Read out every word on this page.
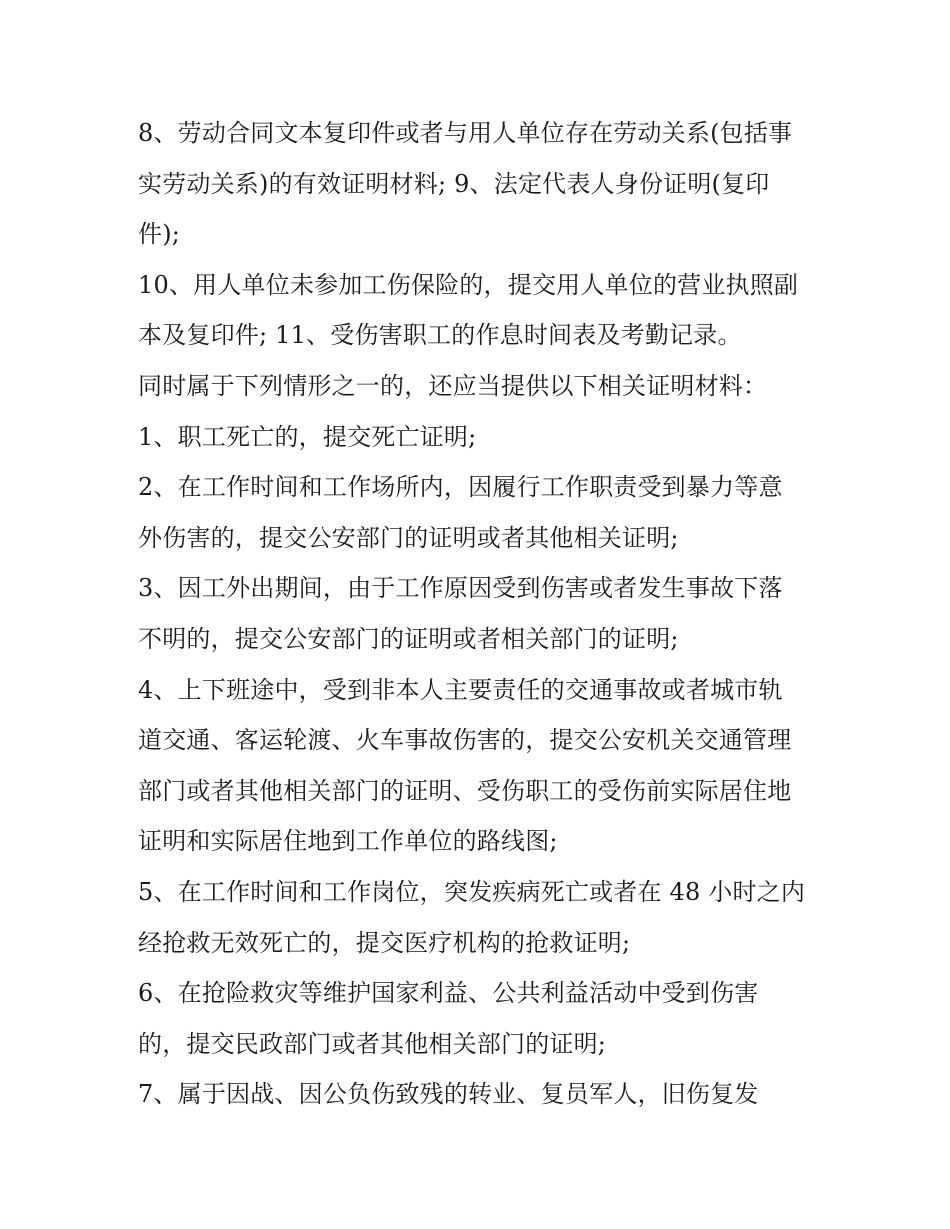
8、劳动合同文本复印件或者与用人单位存在劳动关系(包括事
实劳动关系)的有效证明材料; 9、法定代表人身份证明(复印
件);
10、用人单位未参加工伤保险的，提交用人单位的营业执照副
本及复印件; 11、受伤害职工的作息时间表及考勤记录。
同时属于下列情形之一的，还应当提供以下相关证明材料：
1、职工死亡的，提交死亡证明;
2、在工作时间和工作场所内，因履行工作职责受到暴力等意
外伤害的，提交公安部门的证明或者其他相关证明;
3、因工外出期间，由于工作原因受到伤害或者发生事故下落
不明的，提交公安部门的证明或者相关部门的证明;
4、上下班途中，受到非本人主要责任的交通事故或者城市轨
道交通、客运轮渡、火车事故伤害的，提交公安机关交通管理
部门或者其他相关部门的证明、受伤职工的受伤前实际居住地
证明和实际居住地到工作单位的路线图;
5、在工作时间和工作岗位，突发疾病死亡或者在 48 小时之内
经抢救无效死亡的，提交医疗机构的抢救证明;
6、在抢险救灾等维护国家利益、公共利益活动中受到伤害
的，提交民政部门或者其他相关部门的证明;
7、属于因战、因公负伤致残的转业、复员军人，旧伤复发
